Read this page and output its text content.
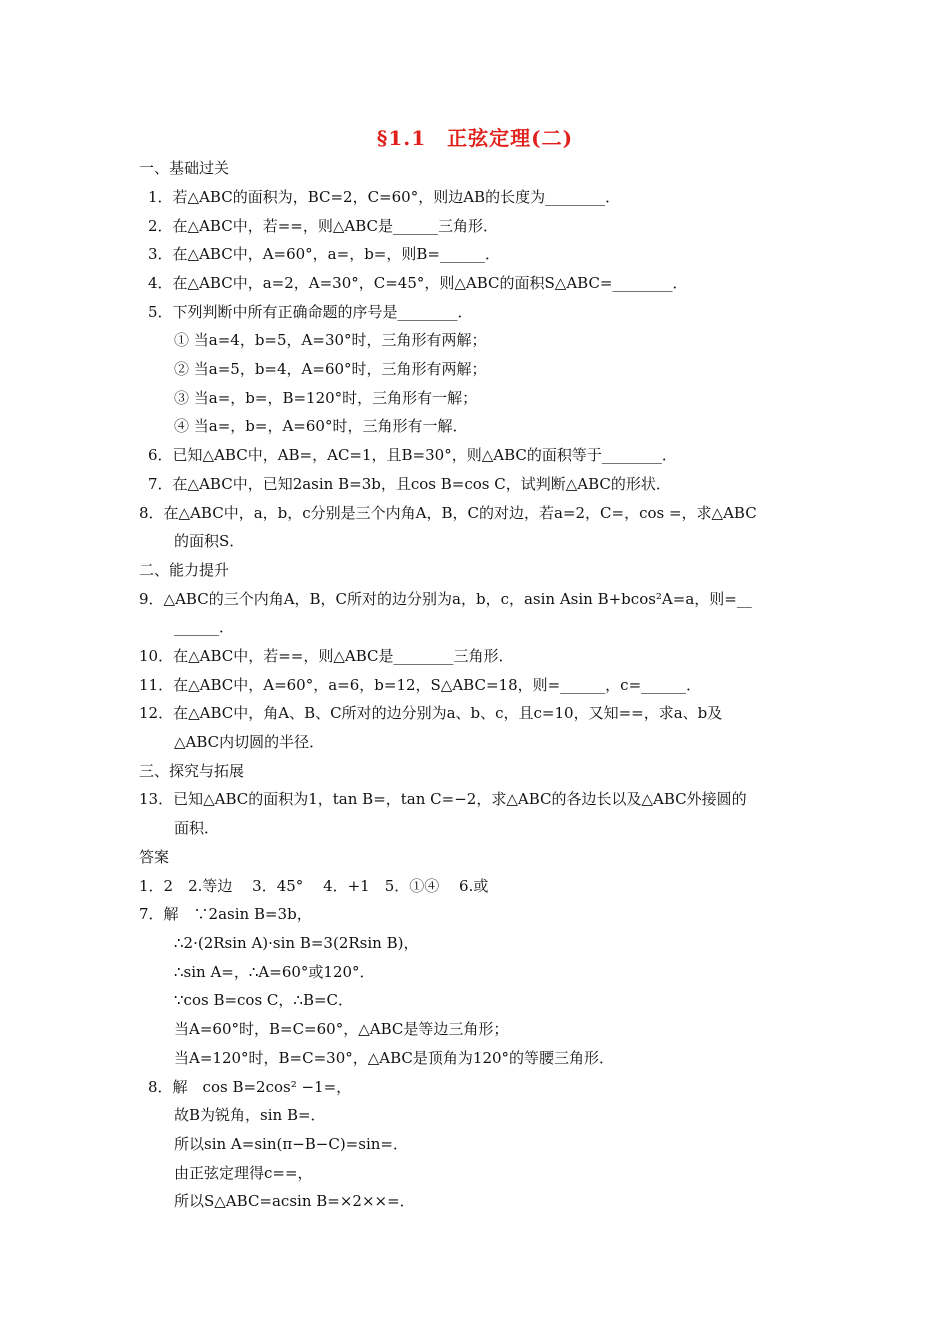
§1.1　正弦定理(二)
一、基础过关
1．若△ABC的面积为，BC=2，C=60°，则边AB的长度为________．
2．在△ABC中，若==，则△ABC是______三角形．
3．在△ABC中，A=60°，a=，b=，则B=______．
4．在△ABC中，a=2，A=30°，C=45°，则△ABC的面积S△ABC=________．
5．下列判断中所有正确命题的序号是________．
① 当a=4，b=5，A=30°时，三角形有两解；
② 当a=5，b=4，A=60°时，三角形有两解；
③ 当a=，b=，B=120°时，三角形有一解；
④ 当a=，b=，A=60°时，三角形有一解．
6．已知△ABC中，AB=，AC=1，且B=30°，则△ABC的面积等于________．
7．在△ABC中，已知2asin B=3b，且cos B=cos C，试判断△ABC的形状．
8．在△ABC中，a，b，c分别是三个内角A，B，C的对边，若a=2，C=，cos =，求△ABC
的面积S．
二、能力提升
9．△ABC的三个内角A，B，C所对的边分别为a，b，c，asin Asin B+bcos²A=a，则=__
______．
10．在△ABC中，若==，则△ABC是________三角形．
11．在△ABC中，A=60°，a=6，b=12，S△ABC=18，则=______，c=______．
12．在△ABC中，角A、B、C所对的边分别为a、b、c，且c=10，又知==，求a、b及
△ABC内切圆的半径．
三、探究与拓展
13．已知△ABC的面积为1，tan B=，tan C=−2，求△ABC的各边长以及△ABC外接圆的
面积．
答案
1．2　2.等边　 3．45°　 4．+1　5．①④　 6.或
7．解　∵2asin B=3b，
∴2·(2Rsin A)·sin B=3(2Rsin B)，
∴sin A=，∴A=60°或120°．
∵cos B=cos C，∴B=C．
当A=60°时，B=C=60°，△ABC是等边三角形；
当A=120°时，B=C=30°，△ABC是顶角为120°的等腰三角形．
8．解　cos B=2cos² −1=，
故B为锐角，sin B=．
所以sin A=sin(π−B−C)=sin=．
由正弦定理得c==，
所以S△ABC=acsin B=×2××=．
